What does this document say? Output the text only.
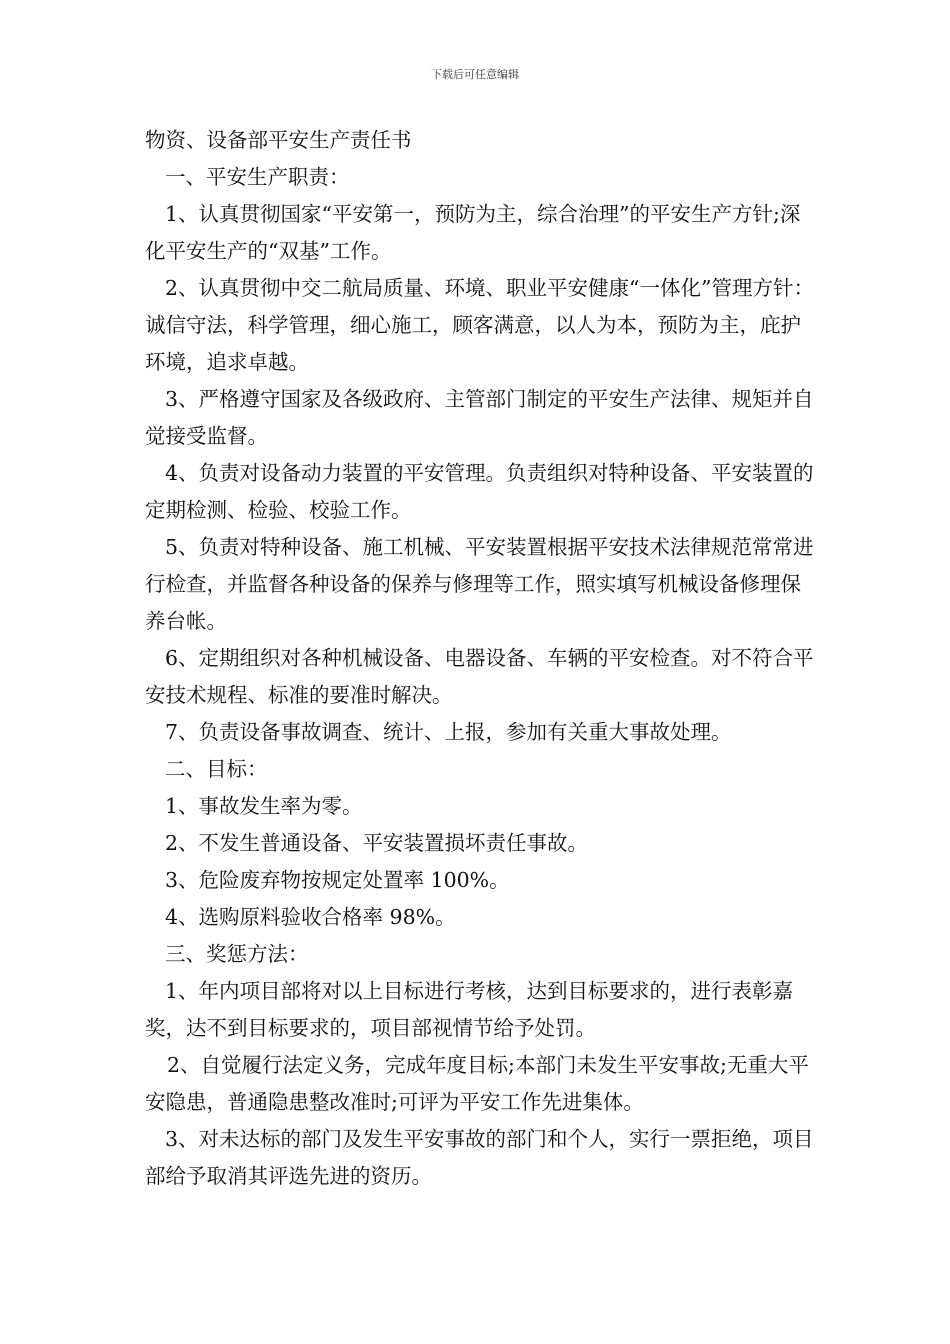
下载后可任意编辑

物资、设备部平安生产责任书

一、平安生产职责：

1、认真贯彻国家“平安第一，预防为主，综合治理”的平安生产方针;深化平安生产的“双基”工作。

2、认真贯彻中交二航局质量、环境、职业平安健康“一体化”管理方针：诚信守法，科学管理，细心施工，顾客满意，以人为本，预防为主，庇护环境，追求卓越。

3、严格遵守国家及各级政府、主管部门制定的平安生产法律、规矩并自觉接受监督。

4、负责对设备动力装置的平安管理。负责组织对特种设备、平安装置的定期检测、检验、校验工作。

5、负责对特种设备、施工机械、平安装置根据平安技术法律规范常常进行检查，并监督各种设备的保养与修理等工作，照实填写机械设备修理保养台帐。

6、定期组织对各种机械设备、电器设备、车辆的平安检查。对不符合平安技术规程、标准的要准时解决。

7、负责设备事故调查、统计、上报，参加有关重大事故处理。

二、目标：

1、事故发生率为零。

2、不发生普通设备、平安装置损坏责任事故。

3、危险废弃物按规定处置率 100%。

4、选购原料验收合格率 98%。

三、奖惩方法：

1、年内项目部将对以上目标进行考核，达到目标要求的，进行表彰嘉奖，达不到目标要求的，项目部视情节给予处罚。

2、自觉履行法定义务，完成年度目标;本部门未发生平安事故;无重大平安隐患，普通隐患整改准时;可评为平安工作先进集体。

3、对未达标的部门及发生平安事故的部门和个人，实行一票拒绝，项目部给予取消其评选先进的资历。
